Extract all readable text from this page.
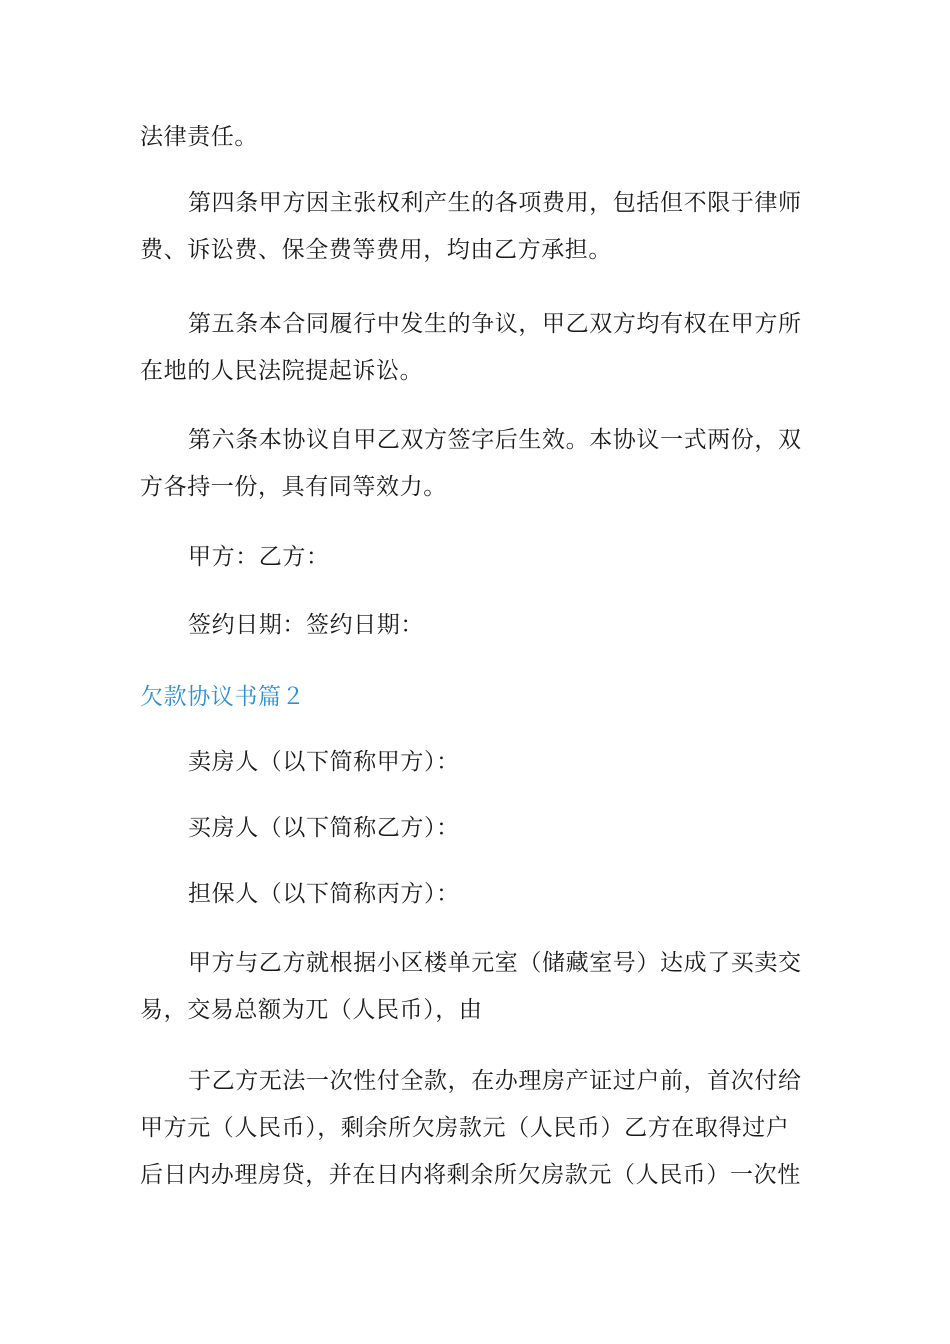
法律责任。
第四条甲方因主张权利产生的各项费用，包括但不限于律师
费、诉讼费、保全费等费用，均由乙方承担。
第五条本合同履行中发生的争议，甲乙双方均有权在甲方所
在地的人民法院提起诉讼。
第六条本协议自甲乙双方签字后生效。本协议一式两份，双
方各持一份，具有同等效力。
甲方：乙方：
签约日期：签约日期：
欠款协议书篇２
卖房人（以下简称甲方）：
买房人（以下简称乙方）：
担保人（以下简称丙方）：
甲方与乙方就根据小区楼单元室（储藏室号）达成了买卖交
易，交易总额为兀（人民币），由
于乙方无法一次性付全款，在办理房产证过户前，首次付给
甲方元（人民币），剩余所欠房款元（人民币）乙方在取得过户
后日内办理房贷，并在日内将剩余所欠房款元（人民币）一次性
